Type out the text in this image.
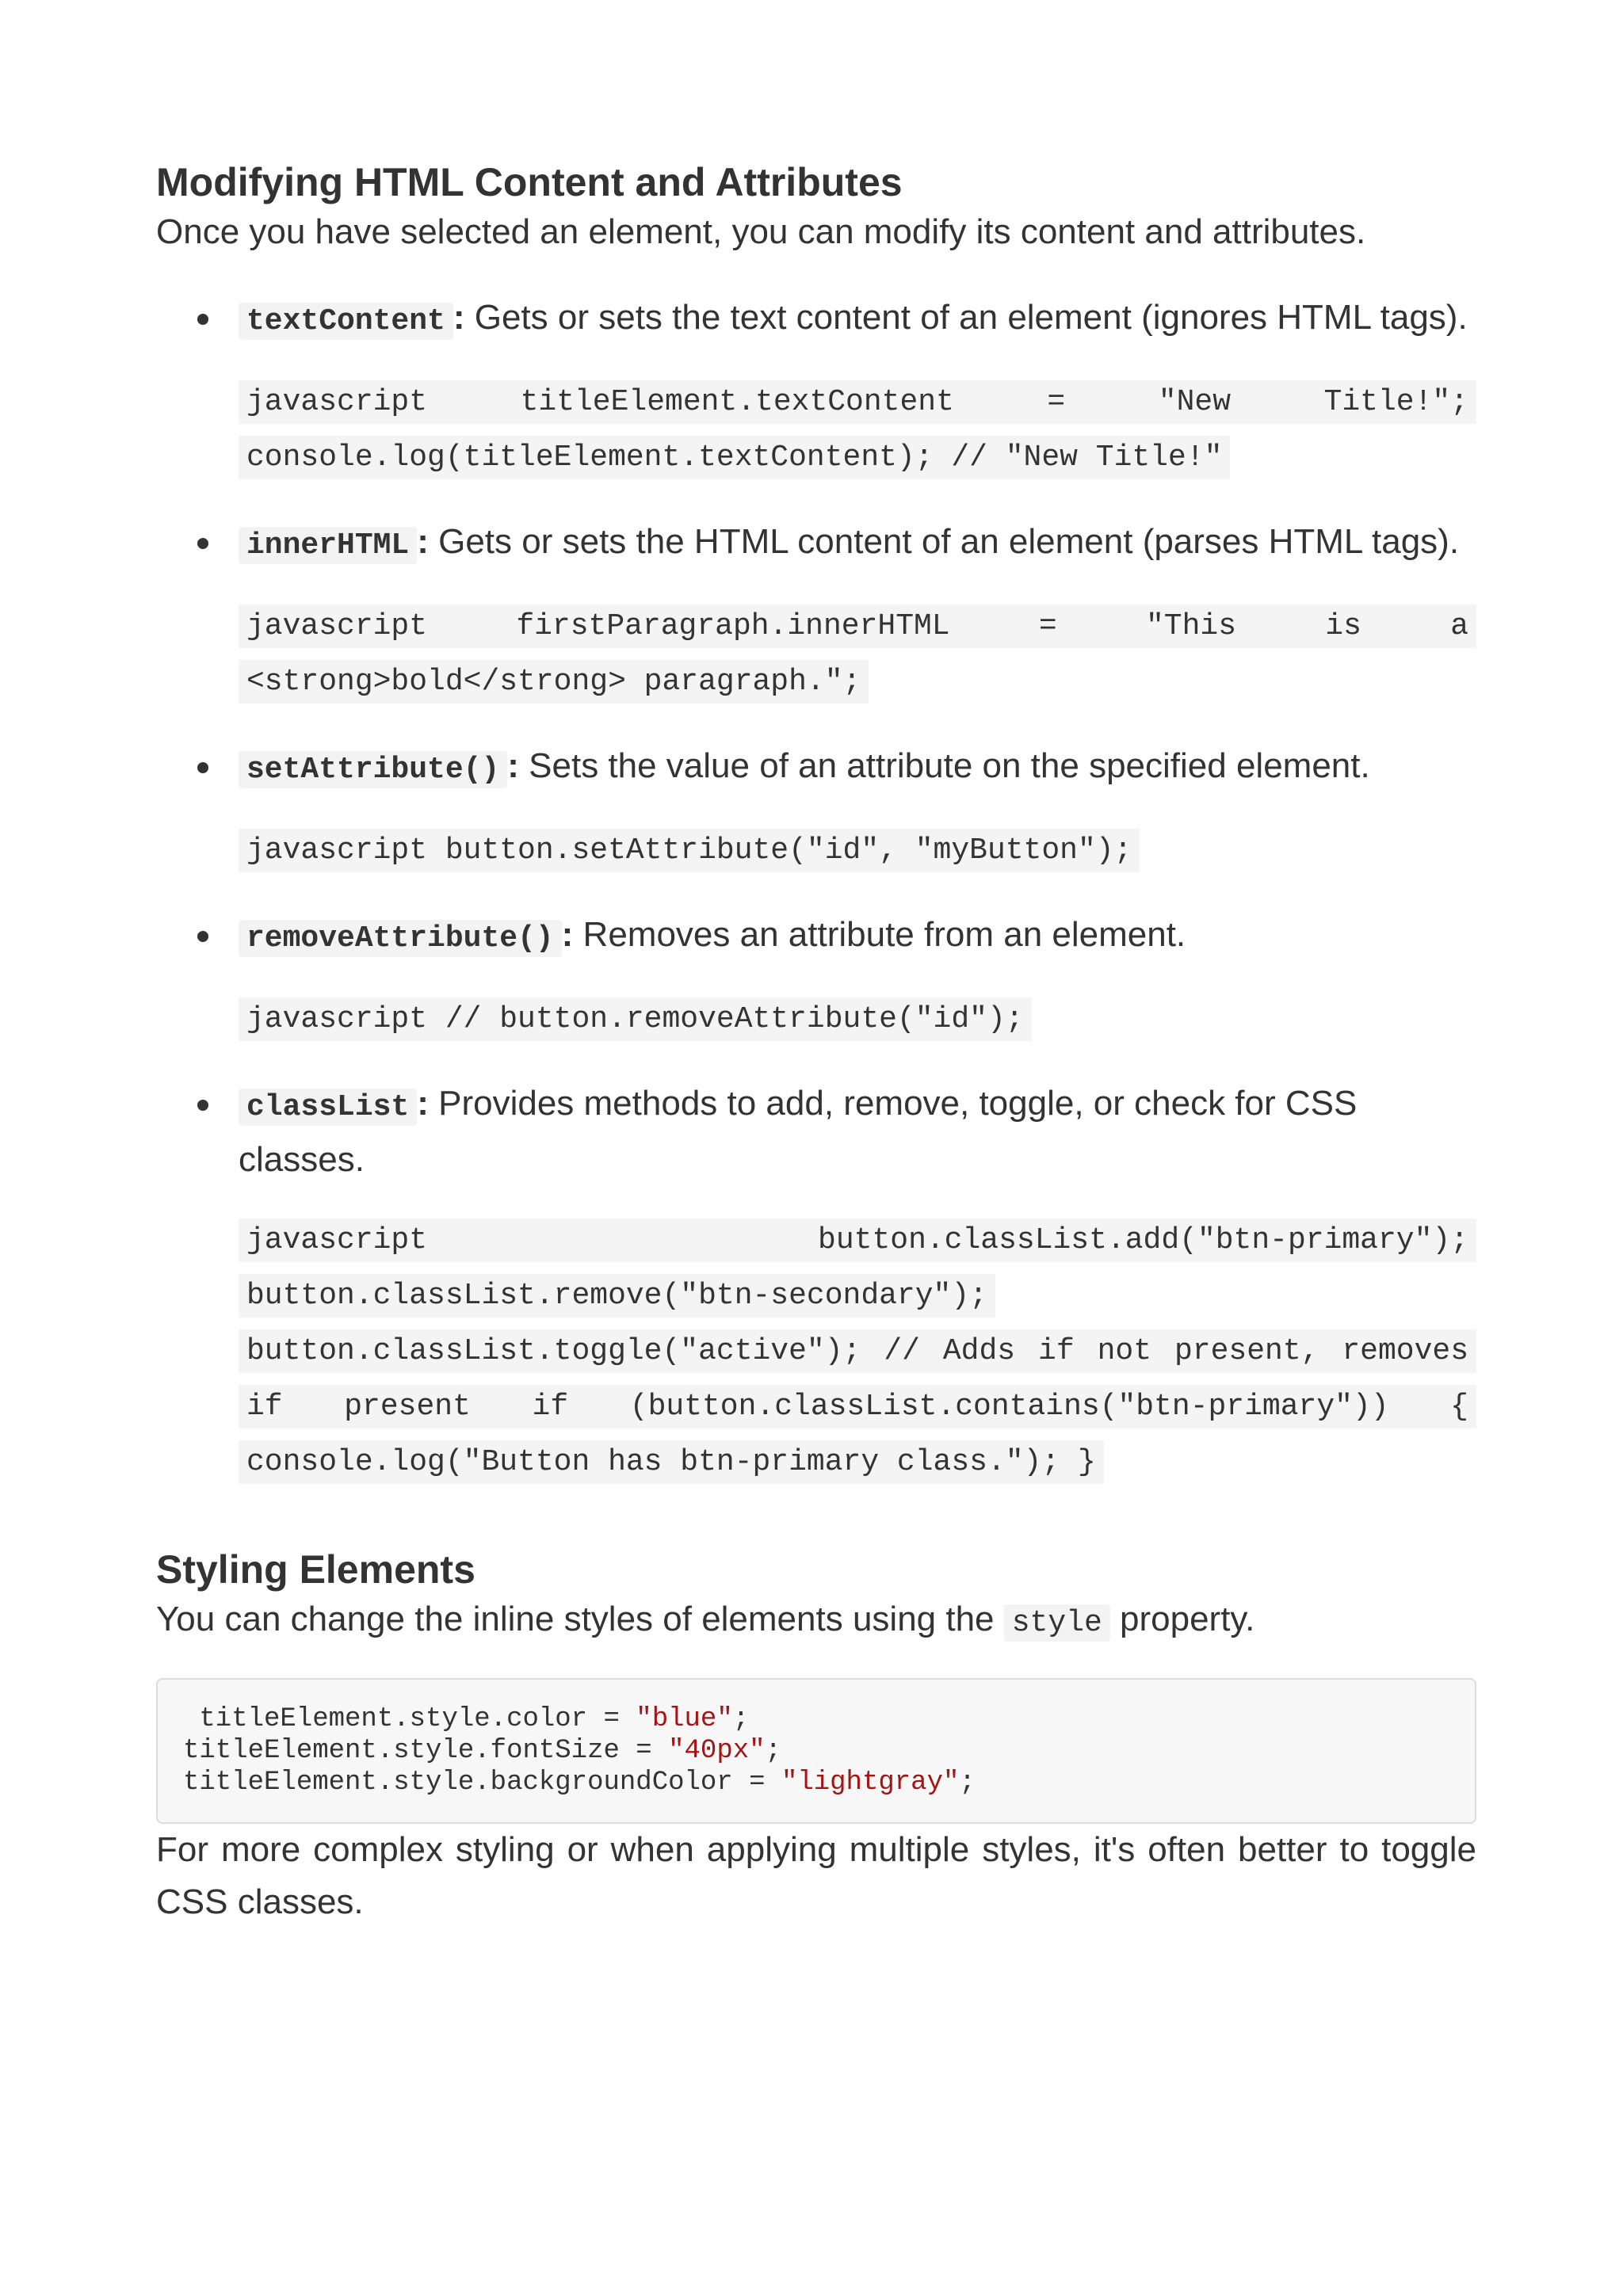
Modifying HTML Content and Attributes

Once you have selected an element, you can modify its content and attributes.

textContent : Gets or sets the text content of an element (ignores HTML tags).

javascript titleElement.textContent = "New Title!"; console.log(titleElement.textContent); // "New Title!"

innerHTML : Gets or sets the HTML content of an element (parses HTML tags).

javascript firstParagraph.innerHTML = "This is a <strong>bold</strong> paragraph.";

setAttribute() : Sets the value of an attribute on the specified element.

javascript button.setAttribute("id", "myButton");

removeAttribute() : Removes an attribute from an element.

javascript // button.removeAttribute("id");

classList : Provides methods to add, remove, toggle, or check for CSS classes.

javascript button.classList.add("btn-primary"); button.classList.remove("btn-secondary"); button.classList.toggle("active"); // Adds if not present, removes if present if (button.classList.contains("btn-primary")) { console.log("Button has btn-primary class."); }

Styling Elements

You can change the inline styles of elements using the style property.

titleElement.style.color = "blue";
titleElement.style.fontSize = "40px";
titleElement.style.backgroundColor = "lightgray";

For more complex styling or when applying multiple styles, it's often better to toggle CSS classes.
